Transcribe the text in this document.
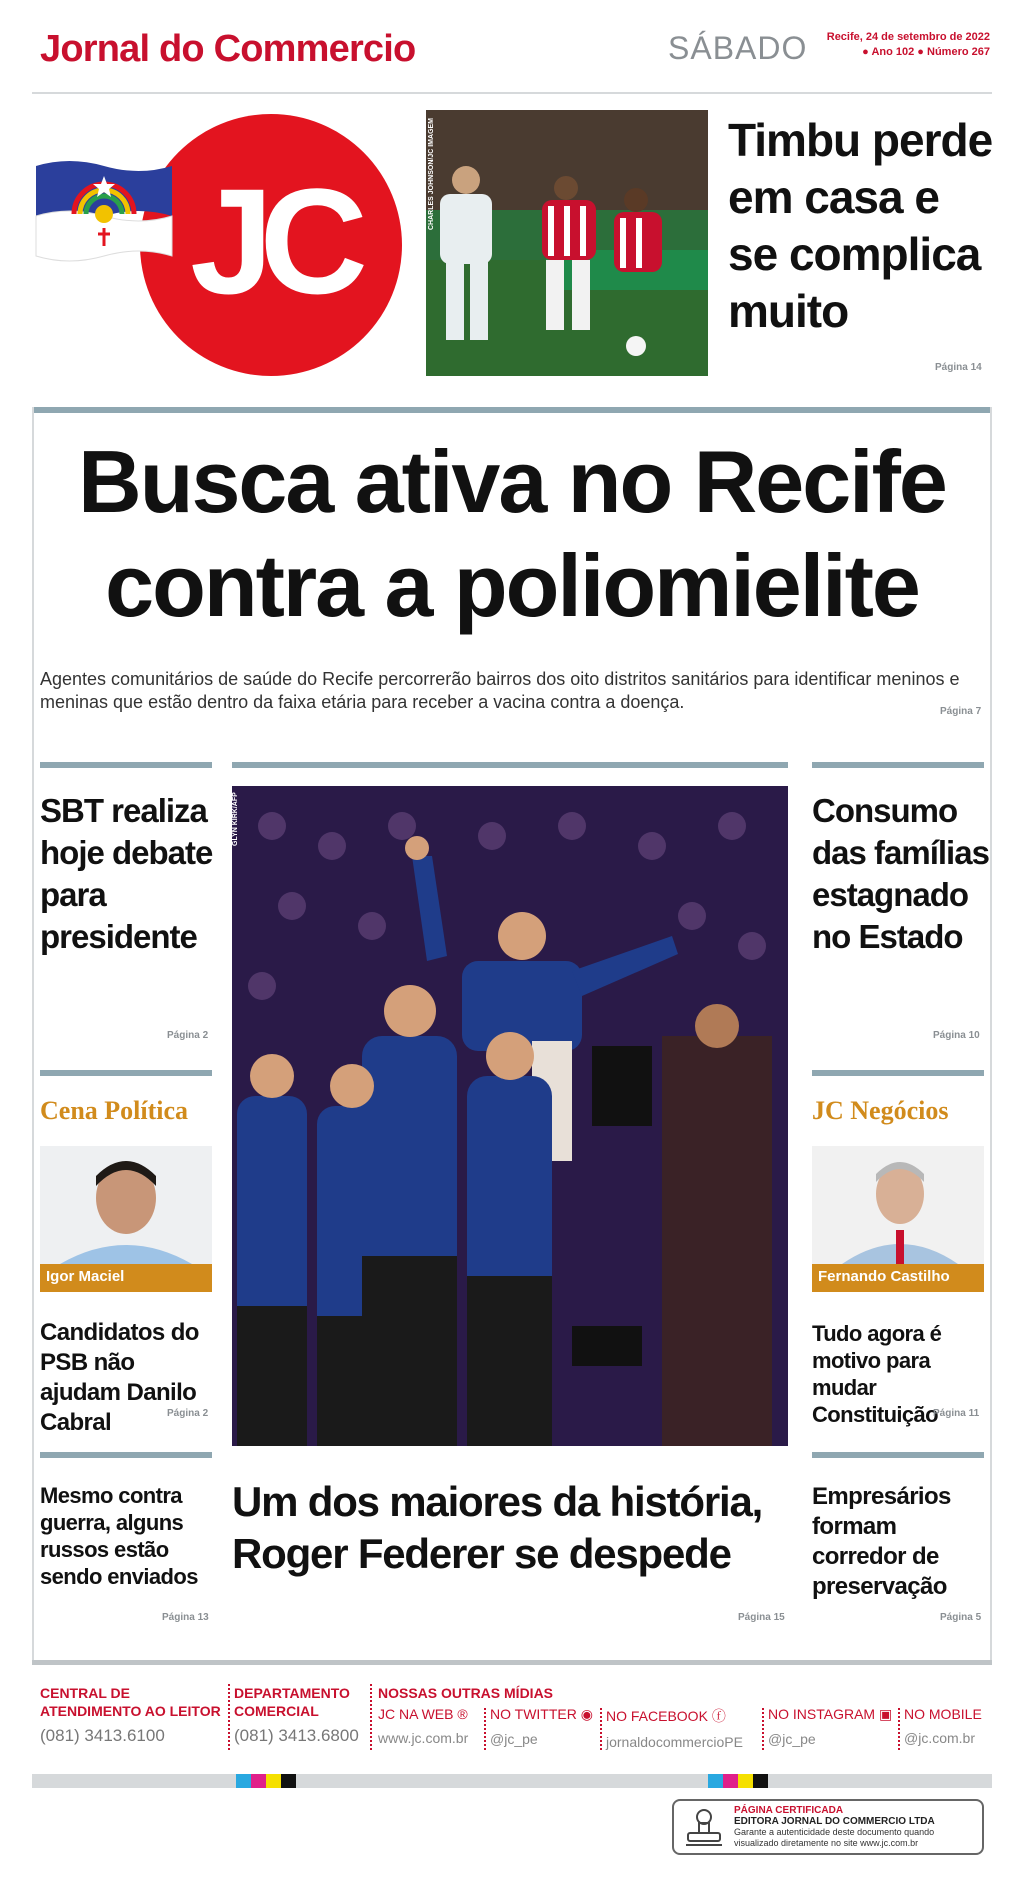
Jornal do Commercio	SÁBADO Recife, 24 de setembro de 2022
● Ano 102 ● Número 267
JC	CHARLES JOHNSON/JC IMAGEM	Timbu perde em casa e se complica muito
Página 14
Busca ativa no Recife contra a poliomielite
Agentes comunitários de saúde do Recife percorrerão bairros dos oito distritos sanitários para identificar meninos e meninas que estão dentro da faixa etária para receber a vacina contra a doença.	Página 7
SBT realiza hoje debate para presidente
Página 2
Cena Política
Igor Maciel
Candidatos do PSB não ajudam Danilo Cabral	Página 2
Mesmo contra guerra, alguns russos estão sendo enviados
Página 13
GLYN KIRK/AFP
Um dos maiores da história, Roger Federer se despede
Página 15
Consumo das famílias estagnado no Estado
Página 10
JC Negócios
Fernando Castilho
Tudo agora é motivo para mudar Constituição
Página 11
Empresários formam corredor de preservação
Página 5
CENTRAL DE
ATENDIMENTO AO LEITOR
(081) 3413.6100
DEPARTAMENTO
COMERCIAL
(081) 3413.6800
NOSSAS OUTRAS MÍDIAS
JC NA WEB ®
www.jc.com.br
NO TWITTER ◉
@jc_pe
NO FACEBOOK ⓕ
jornaldocommercioPE
NO INSTAGRAM ▣
@jc_pe
NO MOBILE
@jc.com.br
PÁGINA CERTIFICADA
EDITORA JORNAL DO COMMERCIO LTDA
Garante a autenticidade deste documento quando
visualizado diretamente no site www.jc.com.br
